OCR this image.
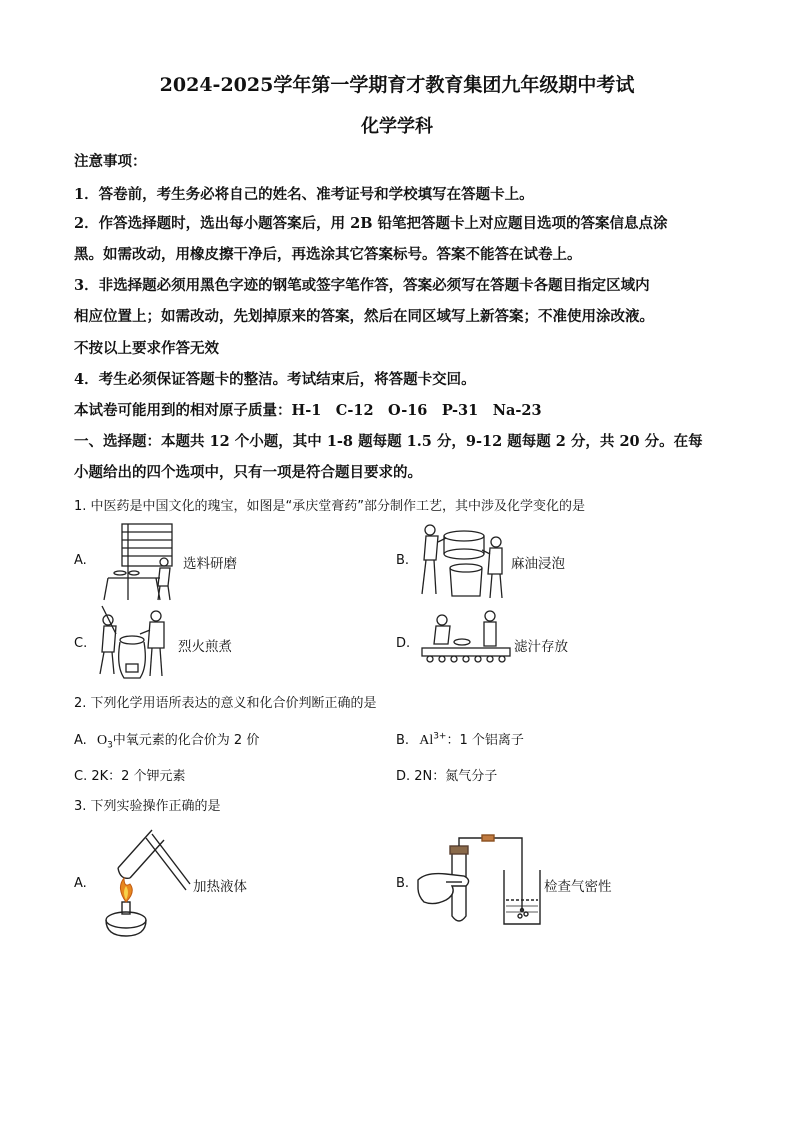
2024-2025学年第一学期育才教育集团九年级期中考试
化学学科
注意事项：
1．答卷前，考生务必将自己的姓名、准考证号和学校填写在答题卡上。
2．作答选择题时，选出每小题答案后，用 2B 铅笔把答题卡上对应题目选项的答案信息点涂
黑。如需改动，用橡皮擦干净后，再选涂其它答案标号。答案不能答在试卷上。
3．非选择题必须用黑色字迹的钢笔或签字笔作答，答案必须写在答题卡各题目指定区域内
相应位置上；如需改动，先划掉原来的答案，然后在同区域写上新答案；不准使用涂改液。
不按以上要求作答无效
4．考生必须保证答题卡的整洁。考试结束后，将答题卡交回。
本试卷可能用到的相对原子质量：H-1　C-12　O-16　P-31　Na-23
一、选择题：本题共 12 个小题，其中 1-8 题每题 1.5 分，9-12 题每题 2 分，共 20 分。在每
小题给出的四个选项中，只有一项是符合题目要求的。
1. 中医药是中国文化的瑰宝，如图是“承庆堂膏药”部分制作工艺，其中涉及化学变化的是
A.	选料研磨	B.	麻油浸泡
C.	烈火煎煮	D.	滤汁存放
2. 下列化学用语所表达的意义和化合价判断正确的是
A. $O_3$中氧元素的化合价为 2 价	B. $Al^{3+}$：1 个铝离子
C. 2K：2 个钾元素	D. 2N：氮气分子
3. 下列实验操作正确的是
A.	加热液体	B.	检查气密性
